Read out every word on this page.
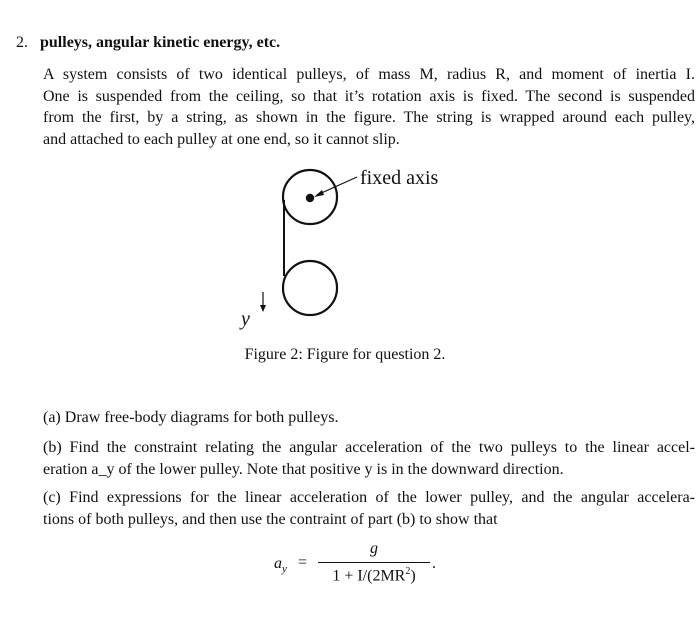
2. pulleys, angular kinetic energy, etc.
A system consists of two identical pulleys, of mass M, radius R, and moment of inertia I.
One is suspended from the ceiling, so that it’s rotation axis is fixed. The second is suspended
from the first, by a string, as shown in the figure. The string is wrapped around each pulley,
and attached to each pulley at one end, so it cannot slip.
fixed axis
y
Figure 2: Figure for question 2.
(a) Draw free-body diagrams for both pulleys.
(b) Find the constraint relating the angular acceleration of the two pulleys to the linear accel-
eration a_y of the lower pulley. Note that positive y is in the downward direction.
(c) Find expressions for the linear acceleration of the lower pulley, and the angular accelera-
tions of both pulleys, and then use the contraint of part (b) to show that
$a_y$ =
g
$1 + I/(2MR^2)$
.
